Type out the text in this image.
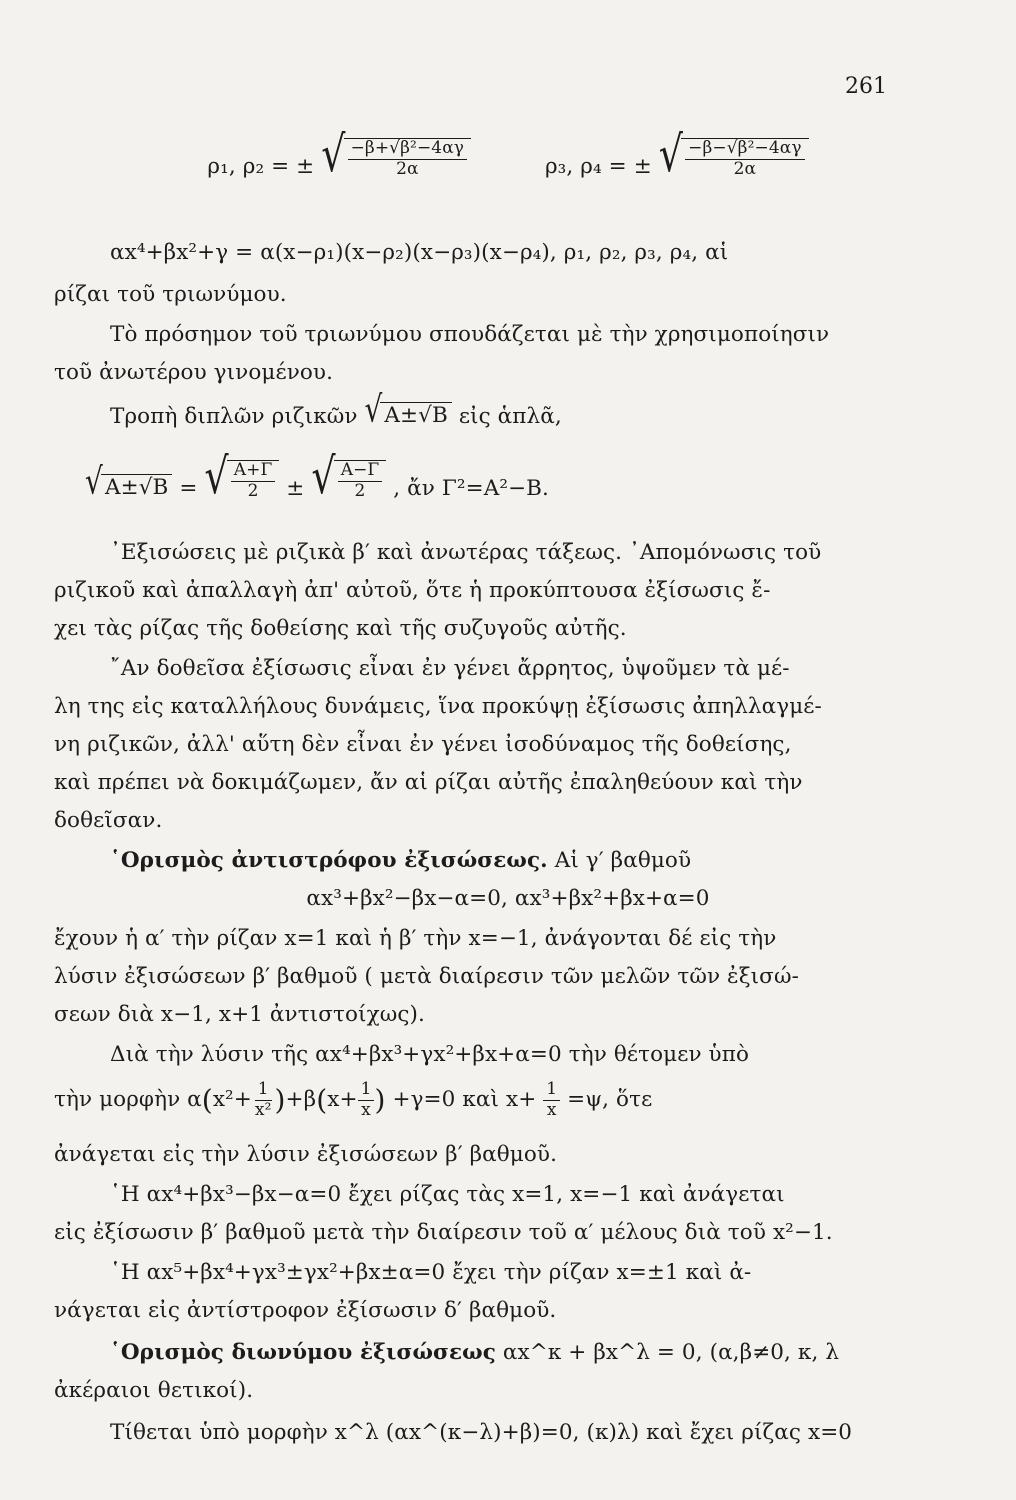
261
ρ₁, ρ₂ = ± √ $\frac{\text{−β+√β²−4αγ}}{2\alpha}$	ρ₃, ρ₄ = ± √ $\frac{\text{−β−√β²−4αγ}}{2\alpha}$
αx⁴+βx²+γ = α(x−ρ₁)(x−ρ₂)(x−ρ₃)(x−ρ₄), ρ₁, ρ₂, ρ₃, ρ₄, αἱ
ρίζαι τοῦ τριωνύμου.
Τὸ πρόσημον τοῦ τριωνύμου σπουδάζεται μὲ τὴν χρησιμοποίησιν
τοῦ ἀνωτέρου γινομένου.
Τροπὴ διπλῶν ριζικῶν √ A±√B εἰς ἁπλᾶ,
√ A±√B = √ $\frac{A+\Gamma}{2}$ ± √ $\frac{A-\Gamma}{2}$ , ἄν Γ²=A²−B.
᾿Εξισώσεις μὲ ριζικὰ β′ καὶ ἀνωτέρας τάξεως. ᾿Απομόνωσις τοῦ
ριζικοῦ καὶ ἀπαλλαγὴ ἀπ' αὐτοῦ, ὅτε ἡ προκύπτουσα ἐξίσωσις ἔ-
χει τὰς ρίζας τῆς δοθείσης καὶ τῆς συζυγοῦς αὐτῆς.
῎Αν δοθεῖσα ἐξίσωσις εἶναι ἐν γένει ἄρρητος, ὑψοῦμεν τὰ μέ-
λη της εἰς καταλλήλους δυνάμεις, ἵνα προκύψῃ ἐξίσωσις ἀπηλλαγμέ-
νη ριζικῶν, ἀλλ' αὕτη δὲν εἶναι ἐν γένει ἰσοδύναμος τῆς δοθείσης,
καὶ πρέπει νὰ δοκιμάζωμεν, ἄν αἱ ρίζαι αὐτῆς ἐπαληθεύουν καὶ τὴν
δοθεῖσαν.
῾Ορισμὸς ἀντιστρόφου ἐξισώσεως. Αἱ γ′ βαθμοῦ
αx³+βx²−βx−α=0, αx³+βx²+βx+α=0
ἔχουν ἡ α′ τὴν ρίζαν x=1 καὶ ἡ β′ τὴν x=−1, ἀνάγονται δέ εἰς τὴν
λύσιν ἐξισώσεων β′ βαθμοῦ ( μετὰ διαίρεσιν τῶν μελῶν τῶν ἐξισώ-
σεων διὰ x−1, x+1 ἀντιστοίχως).
Διὰ τὴν λύσιν τῆς αx⁴+βx³+γx²+βx+α=0 τὴν θέτομεν ὑπὸ
τὴν μορφὴν $\alpha(x^2+ \frac{1}{\text{x²}} )+\beta(x+ \frac{1}{x}$ ) +γ=0 καὶ $x+ \frac{1}{x} =\psi$, ὅτε
ἀνάγεται εἰς τὴν λύσιν ἐξισώσεων β′ βαθμοῦ.
῾Η αx⁴+βx³−βx−α=0 ἔχει ρίζας τὰς x=1, x=−1 καὶ ἀνάγεται
εἰς ἐξίσωσιν β′ βαθμοῦ μετὰ τὴν διαίρεσιν τοῦ α′ μέλους διὰ τοῦ x²−1.
῾Η αx⁵+βx⁴+γx³±γx²+βx±α=0 ἔχει τὴν ρίζαν x=±1 καὶ ἀ-
νάγεται εἰς ἀντίστροφον ἐξίσωσιν δ′ βαθμοῦ.
῾Ορισμὸς διωνύμου ἐξισώσεως αx^κ + βx^λ = 0, (α,β≠0, κ, λ
ἀκέραιοι θετικοί).
Τίθεται ὑπὸ μορφὴν x^λ (αx^(κ−λ)+β)=0, (κ)λ) καὶ ἔχει ρίζας x=0
